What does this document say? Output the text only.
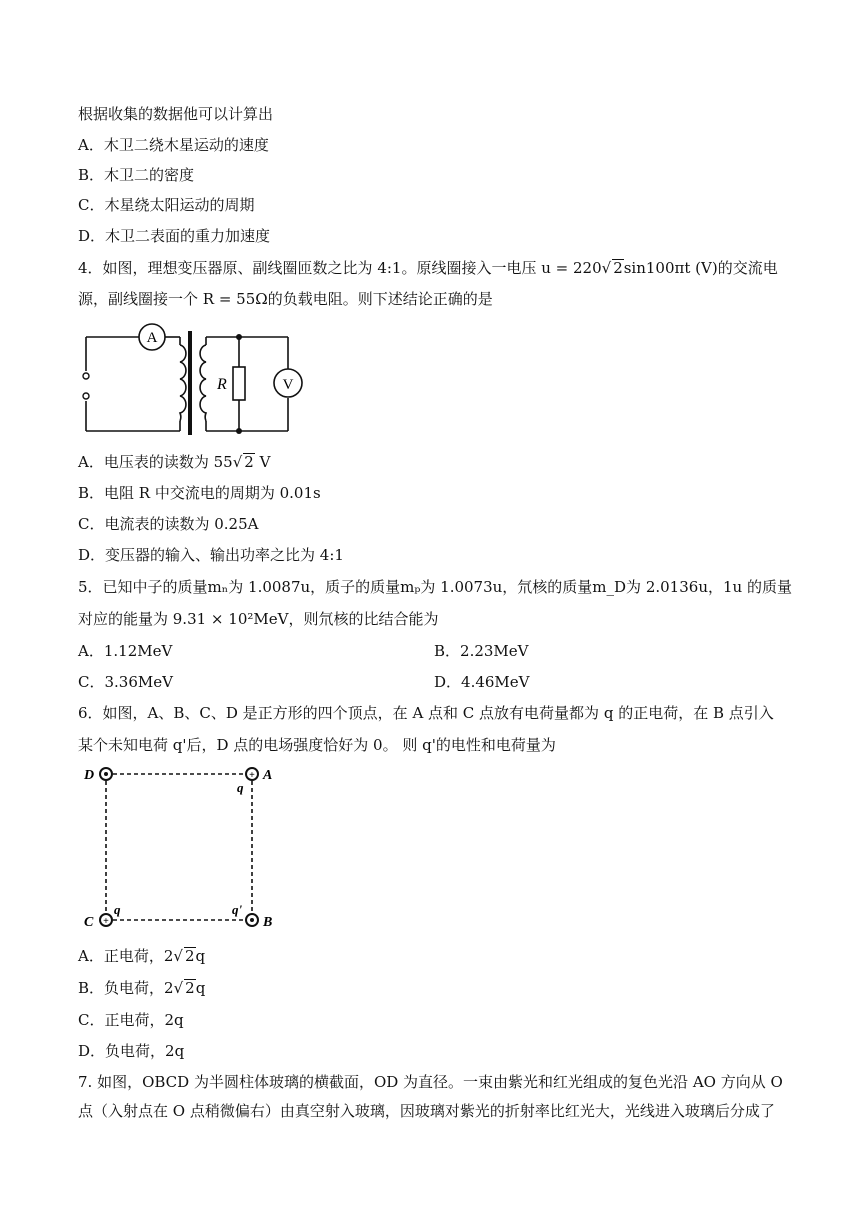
根据收集的数据他可以计算出
A．木卫二绕木星运动的速度
B．木卫二的密度
C．木星绕太阳运动的周期
D．木卫二表面的重力加速度
4．如图，理想变压器原、副线圈匝数之比为 4:1。原线圈接入一电压 u = 220√ 2sin100πt (V)的交流电
源，副线圈接一个 R = 55Ω的负载电阻。则下述结论正确的是
A
R	V
A．电压表的读数为 55√ 2 V
B．电阻 R 中交流电的周期为 0.01s
C．电流表的读数为 0.25A
D．变压器的输入、输出功率之比为 4:1
5．已知中子的质量mₙ为 1.0087u，质子的质量mₚ为 1.0073u，氘核的质量m_D为 2.0136u，1u 的质量
对应的能量为 9.31 × 10²MeV，则氘核的比结合能为
A．1.12MeV	B．2.23MeV
C．3.36MeV	D．4.46MeV
6．如图，A、B、C、D 是正方形的四个顶点，在 A 点和 C 点放有电荷量都为 q 的正电荷，在 B 点引入
某个未知电荷 q'后，D 点的电场强度恰好为 0。 则 q'的电性和电荷量为
+
+
D	A
C	B
q
q	q'
A．正电荷，2√ 2q
B．负电荷，2√ 2q
C．正电荷，2q
D．负电荷，2q
7. 如图，OBCD 为半圆柱体玻璃的横截面，OD 为直径。一束由紫光和红光组成的复色光沿 AO 方向从 O
点（入射点在 O 点稍微偏右）由真空射入玻璃，因玻璃对紫光的折射率比红光大，光线进入玻璃后分成了
